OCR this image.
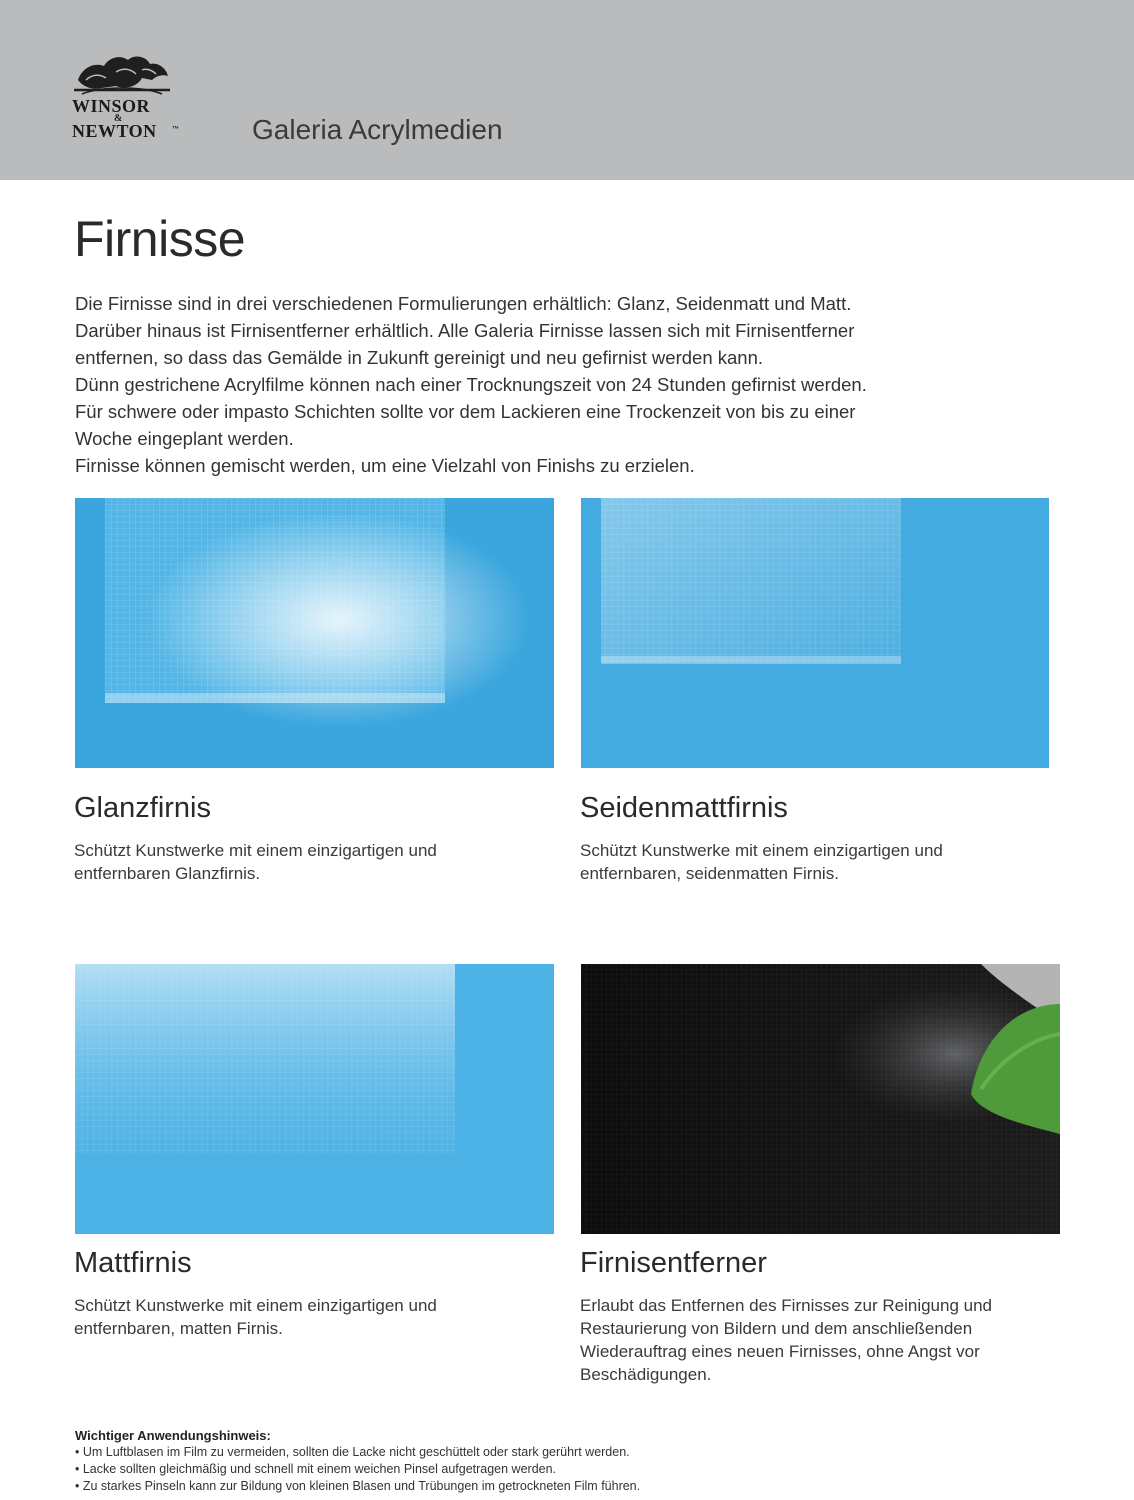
WINSOR
&
NEWTON	™	Galeria Acrylmedien
Firnisse

Die Firnisse sind in drei verschiedenen Formulierungen erhältlich: Glanz, Seidenmatt und Matt.

Darüber hinaus ist Firnisentferner erhältlich. Alle Galeria Firnisse lassen sich mit Firnisentferner

entfernen, so dass das Gemälde in Zukunft gereinigt und neu gefirnist werden kann.

Dünn gestrichene Acrylfilme können nach einer Trocknungszeit von 24 Stunden gefirnist werden.

Für schwere oder impasto Schichten sollte vor dem Lackieren eine Trockenzeit von bis zu einer

Woche eingeplant werden.

Firnisse können gemischt werden, um eine Vielzahl von Finishs zu erzielen.

Glanzfirnis
Schützt Kunstwerke mit einem einzigartigen und
entfernbaren Glanzfirnis.
Seidenmattfirnis
Schützt Kunstwerke mit einem einzigartigen und
entfernbaren, seidenmatten Firnis.
Mattfirnis
Schützt Kunstwerke mit einem einzigartigen und
entfernbaren, matten Firnis.
Firnisentferner
Erlaubt das Entfernen des Firnisses zur Reinigung und
Restaurierung von Bildern und dem anschließenden
Wiederauftrag eines neuen Firnisses, ohne Angst vor
Beschädigungen.
Wichtiger Anwendungshinweis:
• Um Luftblasen im Film zu vermeiden, sollten die Lacke nicht geschüttelt oder stark gerührt werden.
• Lacke sollten gleichmäßig und schnell mit einem weichen Pinsel aufgetragen werden.
• Zu starkes Pinseln kann zur Bildung von kleinen Blasen und Trübungen im getrockneten Film führen.
